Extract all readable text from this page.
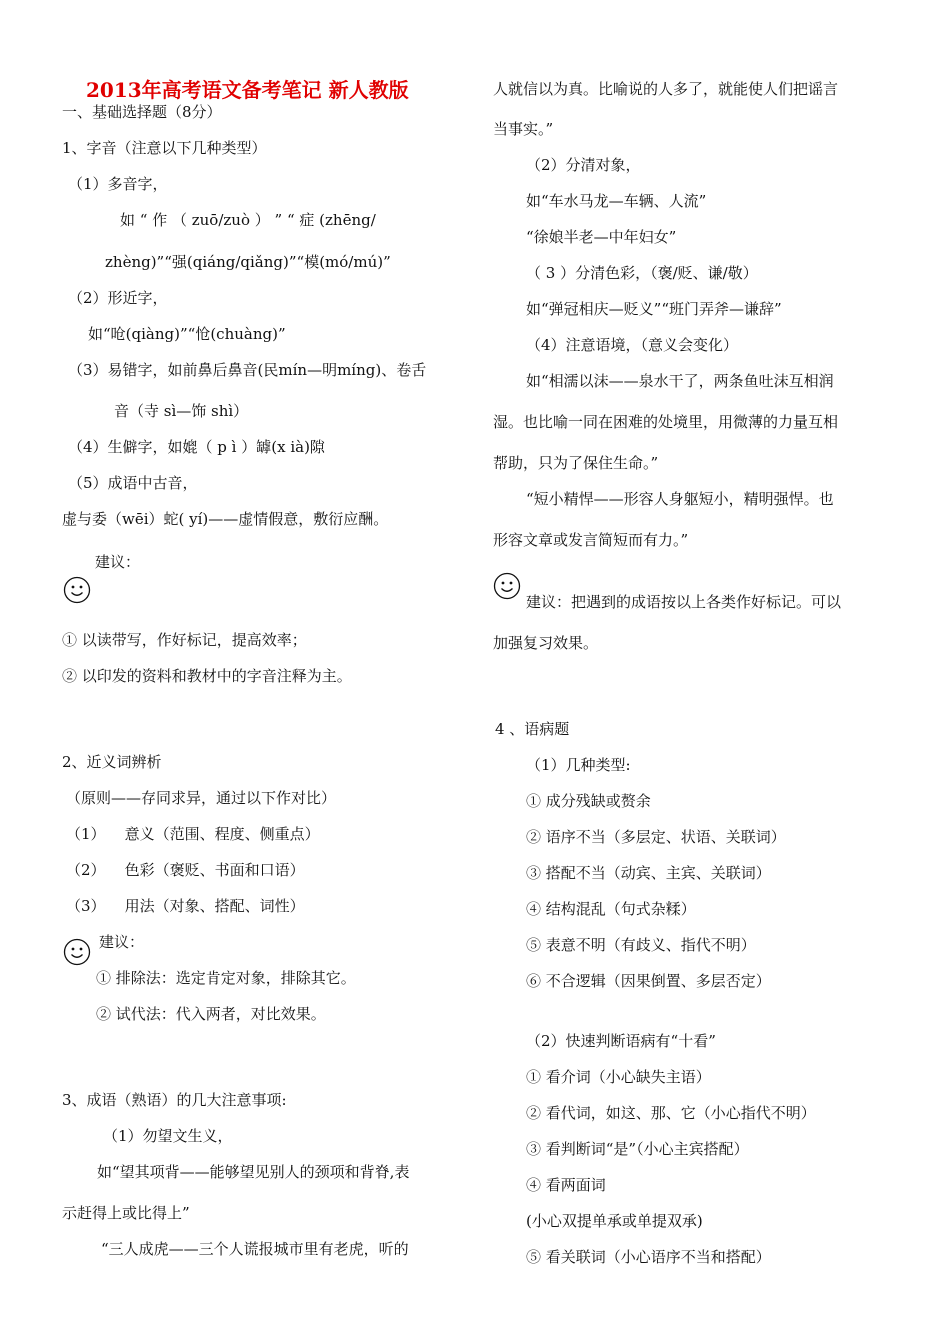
2013年高考语文备考笔记 新人教版
一、基础选择题（8分）
1、字音（注意以下几种类型）
（1）多音字，
如 “ 作 （ zuō/zuò ） ” “ 症 (zhēng/
zhèng)”“强(qiáng/qiǎng)”“模(mó/mú)”
（2）形近字，
如“呛(qiàng)”“怆(chuàng)”
（3）易错字，如前鼻后鼻音(民mín—明míng)、卷舌
音（寺 sì—饰 shì）
（4）生僻字，如媲（ p ì ）罅(x ià)隙
（5）成语中古音，
虚与委（wēi）蛇( yí)——虚情假意，敷衍应酬。
建议：
① 以读带写，作好标记，提高效率；
② 以印发的资料和教材中的字音注释为主。
2、近义词辨析
（原则——存同求异，通过以下作对比）
（1）    意义（范围、程度、侧重点）
（2）    色彩（褒贬、书面和口语）
（3）    用法（对象、搭配、词性）
建议：
① 排除法：选定肯定对象，排除其它。
② 试代法：代入两者，对比效果。
3、成语（熟语）的几大注意事项:
（1）勿望文生义，
如“望其项背——能够望见别人的颈项和背脊,表
示赶得上或比得上”
“三人成虎——三个人谎报城市里有老虎，听的
人就信以为真。比喻说的人多了，就能使人们把谣言
当事实。”
（2）分清对象，
如“车水马龙—车辆、人流”
“徐娘半老—中年妇女”
（ 3 ）分清色彩，（褒/贬、谦/敬）
如“弹冠相庆—贬义”“班门弄斧—谦辞”
（4）注意语境，（意义会变化）
如“相濡以沫——泉水干了，两条鱼吐沫互相润
湿。也比喻一同在困难的处境里，用微薄的力量互相
帮助，只为了保住生命。”
“短小精悍——形容人身躯短小，精明强悍。也
形容文章或发言简短而有力。”
建议：把遇到的成语按以上各类作好标记。可以
加强复习效果。
4 、语病题
（1）几种类型:
① 成分残缺或赘余
② 语序不当（多层定、状语、关联词）
③ 搭配不当（动宾、主宾、关联词）
④ 结构混乱（句式杂糅）
⑤ 表意不明（有歧义、指代不明）
⑥ 不合逻辑（因果倒置、多层否定）
（2）快速判断语病有“十看”
① 看介词（小心缺失主语）
② 看代词，如这、那、它（小心指代不明）
③ 看判断词“是”（小心主宾搭配）
④ 看两面词
(小心双提单承或单提双承)
⑤ 看关联词（小心语序不当和搭配）
